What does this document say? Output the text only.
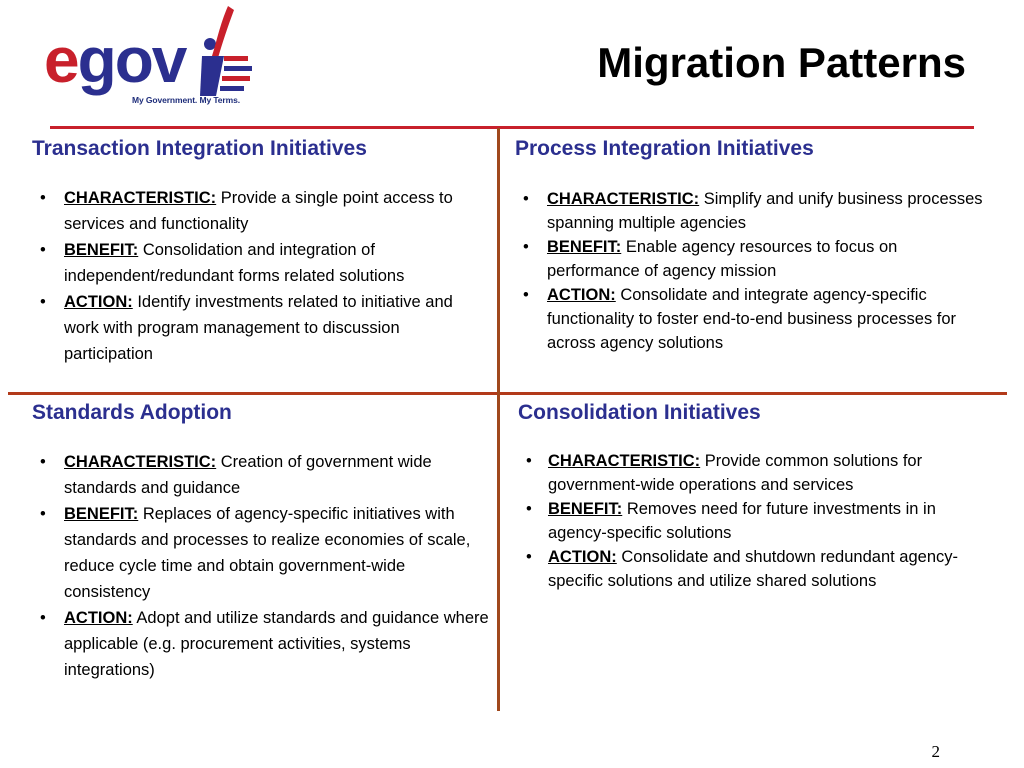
egov
My Government. My Terms.
Migration Patterns
Transaction Integration Initiatives
• CHARACTERISTIC: Provide a single point access to services and functionality
• BENEFIT: Consolidation and integration of independent/redundant forms related solutions
• ACTION: Identify investments related to initiative and work with program management to discussion participation
Process Integration Initiatives
• CHARACTERISTIC: Simplify and unify business processes spanning multiple agencies
• BENEFIT: Enable agency resources to focus on performance of agency mission
• ACTION: Consolidate and integrate agency-specific functionality to foster end-to-end business processes for across agency solutions
Standards Adoption
• CHARACTERISTIC: Creation of government wide standards and guidance
• BENEFIT: Replaces of agency-specific initiatives with standards and processes to realize economies of scale, reduce cycle time and obtain government-wide consistency
• ACTION: Adopt and utilize standards and guidance where applicable (e.g. procurement activities, systems integrations)
Consolidation Initiatives
• CHARACTERISTIC: Provide common solutions for government-wide operations and services
• BENEFIT: Removes need for future investments in in agency-specific solutions
• ACTION: Consolidate and shutdown redundant agency-specific solutions and utilize shared solutions
2
